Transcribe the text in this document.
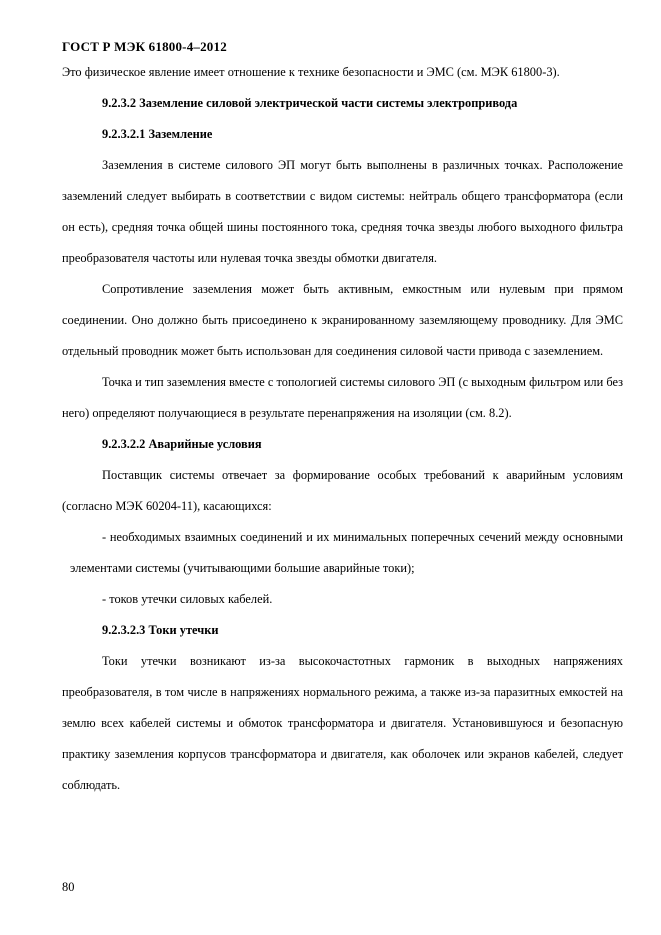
ГОСТ Р МЭК 61800-4–2012

Это физическое явление имеет отношение к технике безопасности и ЭМС (см. МЭК 61800-3).

9.2.3.2 Заземление силовой электрической части системы электропривода

9.2.3.2.1 Заземление

Заземления в системе силового ЭП могут быть выполнены в различных точках. Расположение заземлений следует выбирать в соответствии с видом системы: нейтраль общего трансформатора (если он есть), средняя точка общей шины постоянного тока, средняя точка звезды любого выходного фильтра преобразователя частоты или нулевая точка звезды обмотки двигателя.

Сопротивление заземления может быть активным, емкостным или нулевым при прямом соединении. Оно должно быть присоединено к экранированному заземляющему проводнику. Для ЭМС отдельный проводник может быть использован для соединения силовой части привода с заземлением.

Точка и тип заземления вместе с топологией системы силового ЭП (с выходным фильтром или без него) определяют получающиеся в результате перенапряжения на изоляции (см. 8.2).

9.2.3.2.2 Аварийные условия

Поставщик системы отвечает за формирование особых требований к аварийным условиям (согласно МЭК 60204-11), касающихся:

- необходимых взаимных соединений и их минимальных поперечных сечений между основными элементами системы (учитывающими большие аварийные токи);

- токов утечки силовых кабелей.

9.2.3.2.3 Токи утечки

Токи утечки возникают из-за высокочастотных гармоник в выходных напряжениях преобразователя, в том числе в напряжениях нормального режима, а также из-за паразитных емкостей на землю всех кабелей системы и обмоток трансформатора и двигателя. Установившуюся и безопасную практику заземления корпусов трансформатора и двигателя, как оболочек или экранов кабелей, следует соблюдать.

80
